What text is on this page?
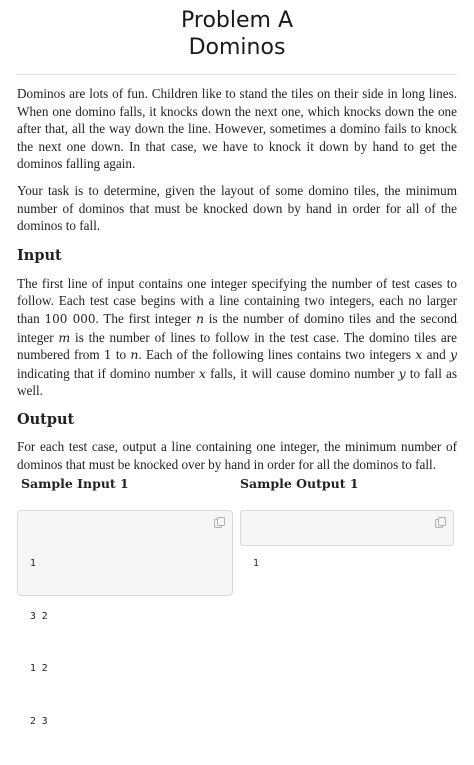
Problem A
Dominos

Dominos are lots of fun. Children like to stand the tiles on their side in long lines. When one domino falls, it knocks down the next one, which knocks down the one after that, all the way down the line. However, sometimes a domino fails to knock the next one down. In that case, we have to knock it down by hand to get the dominos falling again.

Your task is to determine, given the layout of some domino tiles, the minimum number of dominos that must be knocked down by hand in order for all of the dominos to fall.

Input

The first line of input contains one integer specifying the number of test cases to follow. Each test case begins with a line containing two integers, each no larger than 100 000. The first integer n is the number of domino tiles and the second integer m is the number of lines to follow in the test case. The domino tiles are numbered from 1 to n. Each of the following lines contains two integers x and y indicating that if domino number x falls, it will cause domino number y to fall as well.

Output

For each test case, output a line containing one integer, the minimum number of dominos that must be knocked over by hand in order for all the dominos to fall.

Sample Input 1	Sample Output 1

1

3 2

1 2

2 3

1
